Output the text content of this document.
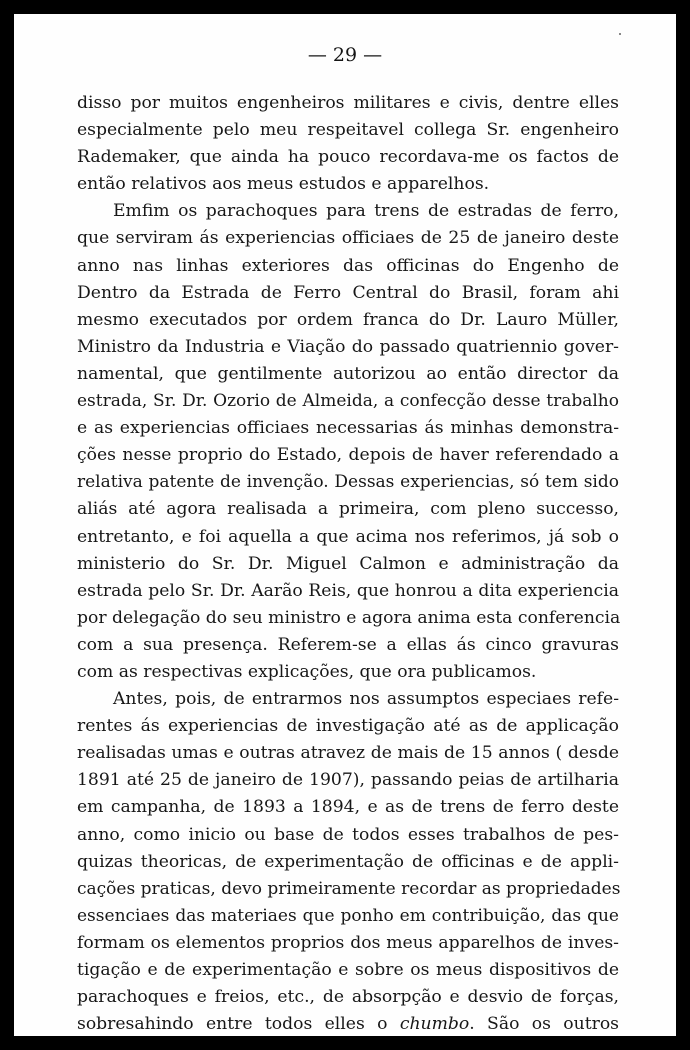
— 29 —
disso por muitos engenheiros militares e civis, dentre elles
especialmente pelo meu respeitavel collega Sr. engenheiro
Rademaker, que ainda ha pouco recordava-me os factos de
então relativos aos meus estudos e apparelhos.
Emfim os parachoques para trens de estradas de ferro,
que serviram ás experiencias officiaes de 25 de janeiro deste
anno nas linhas exteriores das officinas do Engenho de
Dentro da Estrada de Ferro Central do Brasil, foram ahi
mesmo executados por ordem franca do Dr. Lauro Müller,
Ministro da Industria e Viação do passado quatriennio gover-
namental, que gentilmente autorizou ao então director da
estrada, Sr. Dr. Ozorio de Almeida, a confecção desse trabalho
e as experiencias officiaes necessarias ás minhas demonstra-
ções nesse proprio do Estado, depois de haver referendado a
relativa patente de invenção. Dessas experiencias, só tem sido
aliás até agora realisada a primeira, com pleno successo,
entretanto, e foi aquella a que acima nos referimos, já sob o
ministerio do Sr. Dr. Miguel Calmon e administração da
estrada pelo Sr. Dr. Aarão Reis, que honrou a dita experiencia
por delegação do seu ministro e agora anima esta conferencia
com a sua presença. Referem-se a ellas ás cinco gravuras
com as respectivas explicações, que ora publicamos.
Antes, pois, de entrarmos nos assumptos especiaes refe-
rentes ás experiencias de investigação até as de applicação
realisadas umas e outras atravez de mais de 15 annos ( desde
1891 até 25 de janeiro de 1907), passando peias de artilharia
em campanha, de 1893 a 1894, e as de trens de ferro deste
anno, como inicio ou base de todos esses trabalhos de pes-
quizas theoricas, de experimentação de officinas e de appli-
cações praticas, devo primeiramente recordar as propriedades
essenciaes das materiaes que ponho em contribuição, das que
formam os elementos proprios dos meus apparelhos de inves-
tigação e de experimentação e sobre os meus dispositivos de
parachoques e freios, etc., de absorpção e desvio de forças,
sobresahindo entre todos elles o chumbo. São os outros
